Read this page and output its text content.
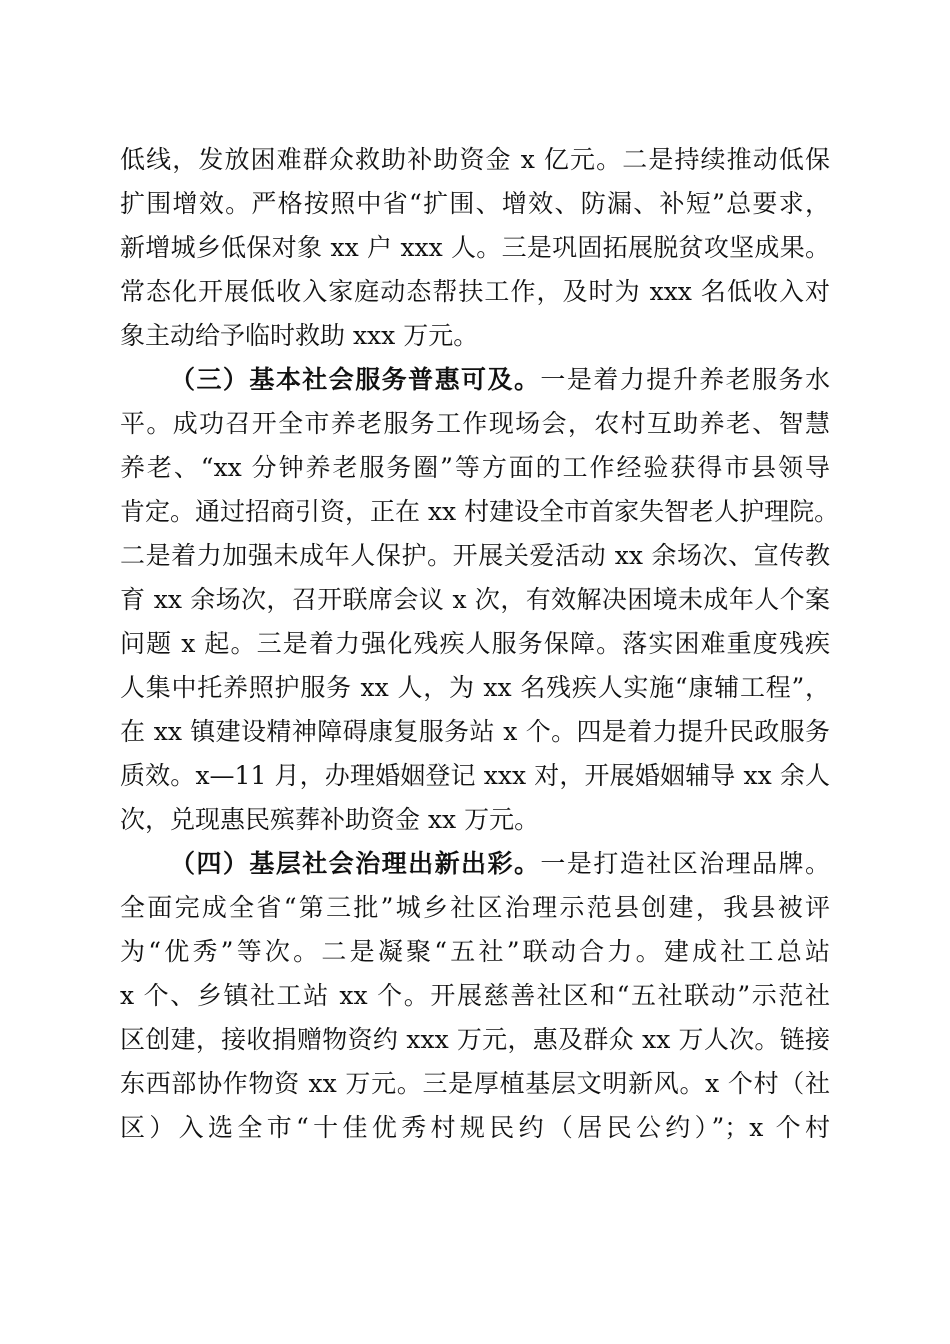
低线，发放困难群众救助补助资金 x 亿元。二是持续推动低保

扩围增效。严格按照中省“扩围、增效、防漏、补短”总要求，

新增城乡低保对象 xx 户 xxx 人。三是巩固拓展脱贫攻坚成果。

常态化开展低收入家庭动态帮扶工作，及时为 xxx 名低收入对

象主动给予临时救助 xxx 万元。

（三）基本社会服务普惠可及。一是着力提升养老服务水

平。成功召开全市养老服务工作现场会，农村互助养老、智慧

养老、“xx 分钟养老服务圈”等方面的工作经验获得市县领导

肯定。通过招商引资，正在 xx 村建设全市首家失智老人护理院。

二是着力加强未成年人保护。开展关爱活动 xx 余场次、宣传教

育 xx 余场次，召开联席会议 x 次，有效解决困境未成年人个案

问题 x 起。三是着力强化残疾人服务保障。落实困难重度残疾

人集中托养照护服务 xx 人，为 xx 名残疾人实施“康辅工程”，

在 xx 镇建设精神障碍康复服务站 x 个。四是着力提升民政服务

质效。x—11 月，办理婚姻登记 xxx 对，开展婚姻辅导 xx 余人

次，兑现惠民殡葬补助资金 xx 万元。

（四）基层社会治理出新出彩。一是打造社区治理品牌。

全面完成全省“第三批”城乡社区治理示范县创建，我县被评

为“优秀”等次。二是凝聚“五社”联动合力。建成社工总站

x 个、乡镇社工站 xx 个。开展慈善社区和“五社联动”示范社

区创建，接收捐赠物资约 xxx 万元，惠及群众 xx 万人次。链接

东西部协作物资 xx 万元。三是厚植基层文明新风。x 个村（社

区）入选全市“十佳优秀村规民约（居民公约）”；x 个村
